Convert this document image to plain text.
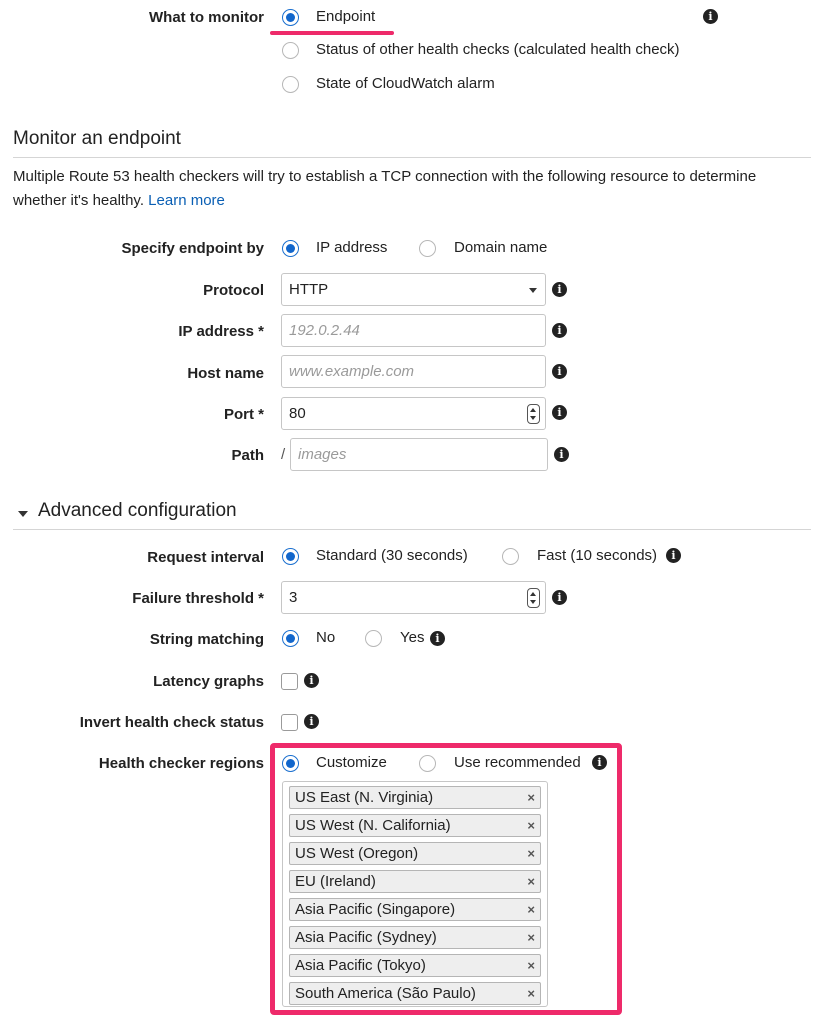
What to monitor	Endpoint	i
Status of other health checks (calculated health check)
State of CloudWatch alarm
Monitor an endpoint
Multiple Route 53 health checkers will try to establish a TCP connection with the following resource to determine whether it's healthy. Learn more
Specify endpoint by	IP address	Domain name
Protocol	HTTP	i
IP address *	192.0.2.44	i
Host name	www.example.com	i
Port *	80	i
Path / images	i
Advanced configuration
Request interval	Standard (30 seconds)	Fast (10 seconds)	i
Failure threshold *	3	i
String matching	No	Yes i
Latency graphs	i
Invert health check status	i
Health checker regions	Customize	Use recommended	i
US East (N. Virginia)	×
US West (N. California)	×
US West (Oregon)	×
EU (Ireland)	×
Asia Pacific (Singapore)	×
Asia Pacific (Sydney)	×
Asia Pacific (Tokyo)	×
South America (São Paulo)	×
